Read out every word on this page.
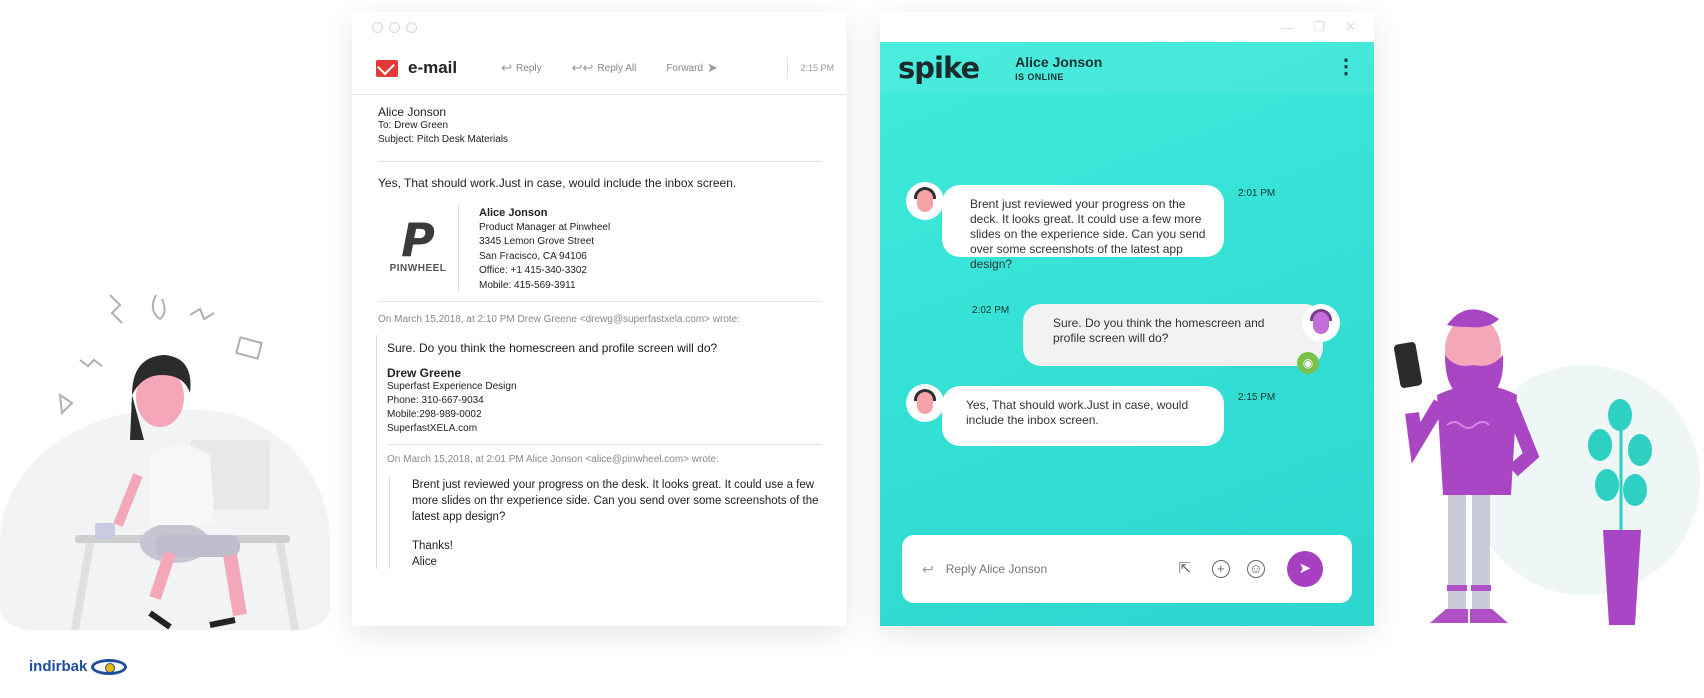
e-mail	↩ Reply ↩↩ Reply All	Forward ➤	2:15 PM
Alice Jonson
To: Drew Green
Subject: Pitch Desk Materials
Yes, That should work.Just in case, would include the inbox screen.
P
PINWHEEL
Alice Jonson
Product Manager at Pinwheel
3345 Lemon Grove Street
San Fracisco, CA 94106
Office: +1 415-340-3302
Mobile: 415-569-3911
On March 15,2018, at 2:10 PM Drew Greene <drewg@superfastxela.com> wrote:
Sure. Do you think the homescreen and profile screen will do?
Drew Greene
Superfast Experience Design
Phone: 310-667-9034
Mobile:298-989-0002
SuperfastXELA.com
On March 15,2018, at 2:01 PM Alice Jonson <alice@pinwheel.com> wrote:
Brent just reviewed your progress on the desk. It looks great. It could use a few more slides on thr experience side. Can you send over some screenshots of the latest app design?
Thanks!
Alice
— ❐ ✕
spike	Alice Jonson
IS ONLINE	⋮
Brent just reviewed your progress on the deck. It looks great. It could use a few more slides on the experience side. Can you send over some screenshots of the latest app design?
2:01 PM
2:02 PM
Sure. Do you think the homescreen and profile screen will do?
◉
Yes, That should work.Just in case, would include the inbox screen.
2:15 PM
↩
Reply Alice Jonson	⇱	+	☺	➤
indirbak
